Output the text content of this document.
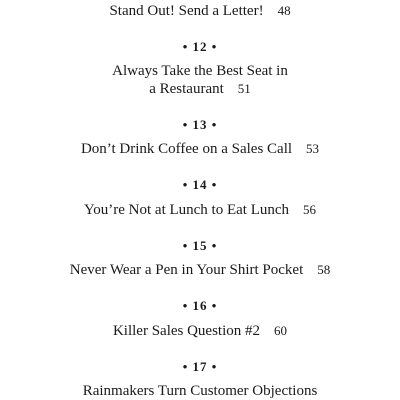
Stand Out! Send a Letter! 48
• 12 •
Always Take the Best Seat in
a Restaurant 51
• 13 •
Don’t Drink Coffee on a Sales Call 53
• 14 •
You’re Not at Lunch to Eat Lunch 56
• 15 •
Never Wear a Pen in Your Shirt Pocket 58
• 16 •
Killer Sales Question #2 60
• 17 •
Rainmakers Turn Customer Objections
